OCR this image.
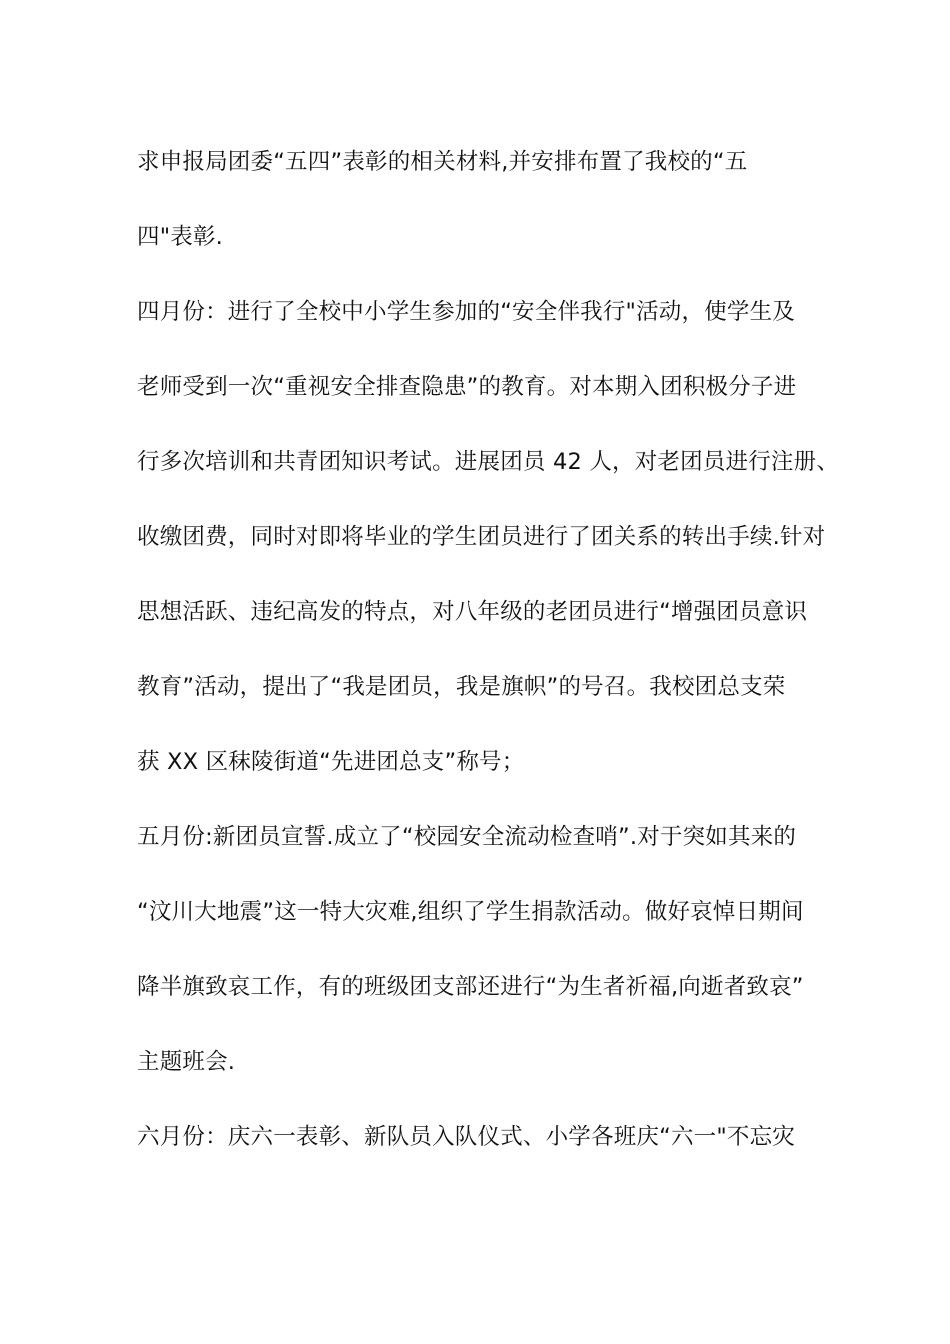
求申报局团委“五四”表彰的相关材料,并安排布置了我校的“五

四"表彰.

四月份：进行了全校中小学生参加的“安全伴我行"活动，使学生及

老师受到一次“重视安全排查隐患”的教育。对本期入团积极分子进

行多次培训和共青团知识考试。进展团员 42 人，对老团员进行注册、

收缴团费，同时对即将毕业的学生团员进行了团关系的转出手续.针对

思想活跃、违纪高发的特点，对八年级的老团员进行“增强团员意识

教育”活动，提出了“我是团员，我是旗帜”的号召。我校团总支荣

获 XX 区秣陵街道“先进团总支”称号；

五月份:新团员宣誓.成立了“校园安全流动检查哨”.对于突如其来的

“汶川大地震”这一特大灾难,组织了学生捐款活动。做好哀悼日期间

降半旗致哀工作，有的班级团支部还进行“为生者祈福,向逝者致哀”

主题班会.

六月份：庆六一表彰、新队员入队仪式、小学各班庆“六一"不忘灾
